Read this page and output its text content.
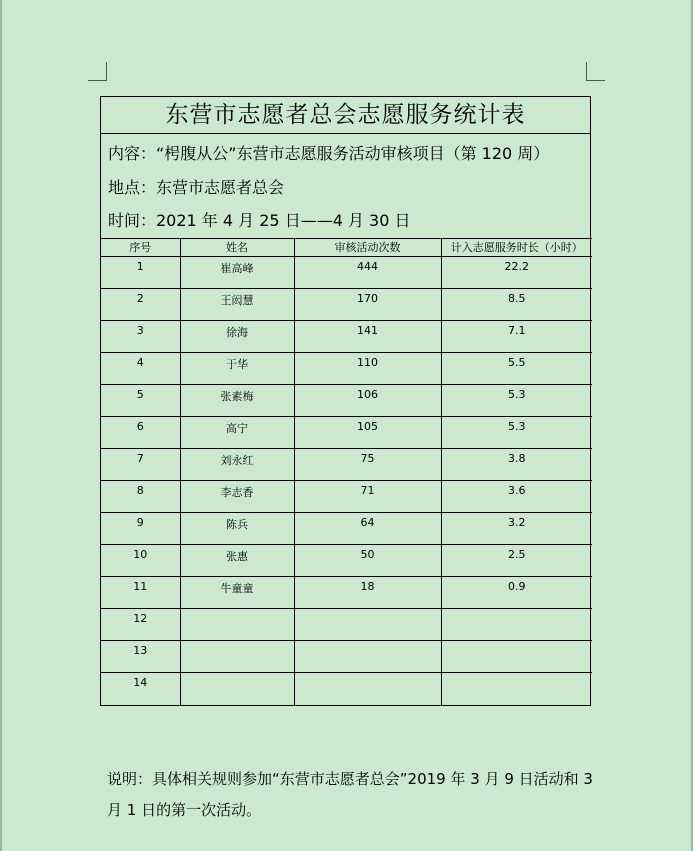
东营市志愿者总会志愿服务统计表
内容：“枵腹从公”东营市志愿服务活动审核项目（第 120 周）
地点：东营市志愿者总会
时间：2021 年 4 月 25 日——4 月 30 日
序号	姓名	审核活动次数	计入志愿服务时长（小时）
1	崔高峰	444	22.2
2	王闳慧	170	8.5
3	徐海	141	7.1
4	于华	110	5.5
5	张素梅	106	5.3
6	高宁	105	5.3
7	刘永红	75	3.8
8	李志香	71	3.6
9	陈兵	64	3.2
10	张惠	50	2.5
11	牛童童	18	0.9
12			
13			
14			
说明：具体相关规则参加“东营市志愿者总会”2019 年 3 月 9 日活动和 3 月 1 日的第一次活动。
